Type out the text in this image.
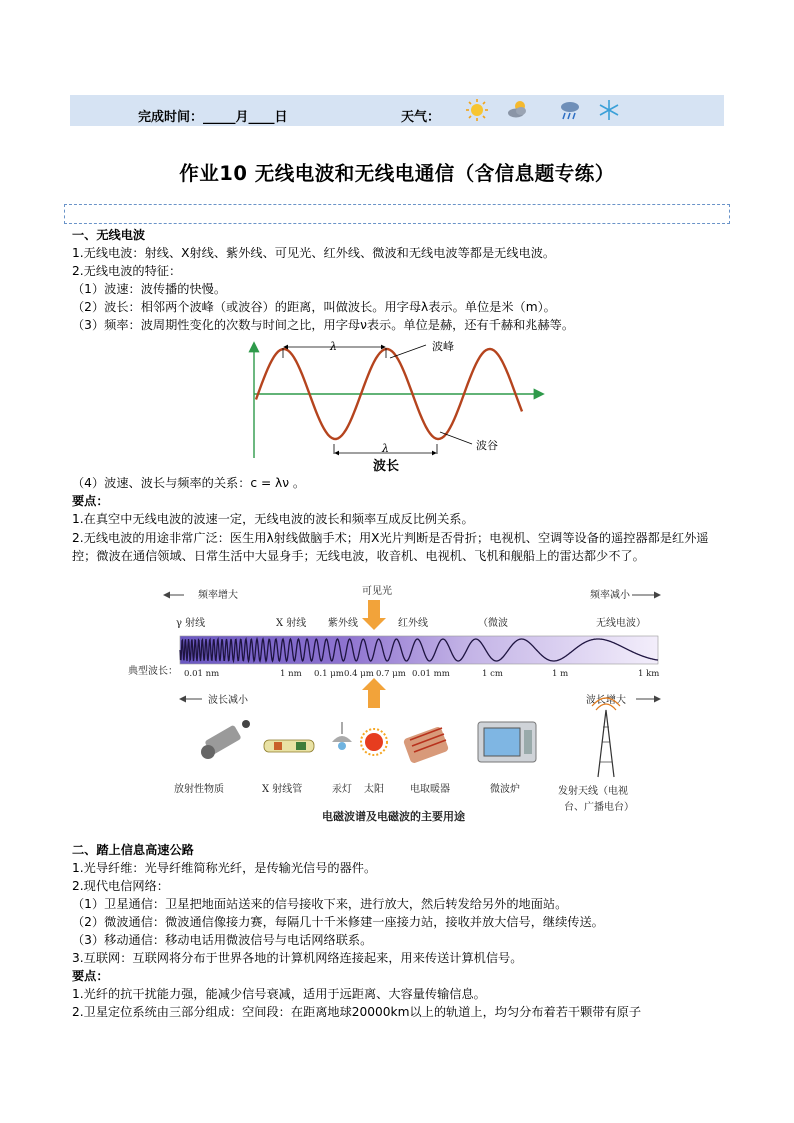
完成时间：_____月____日	天气：
作业10 无线电波和无线电通信（含信息题专练）
一、无线电波
1.无线电波：射线、X射线、紫外线、可见光、红外线、微波和无线电波等都是无线电波。
2.无线电波的特征：
（1）波速：波传播的快慢。
（2）波长：相邻两个波峰（或波谷）的距离，叫做波长。用字母λ表示。单位是米（m）。
（3）频率：波周期性变化的次数与时间之比，用字母ν表示。单位是赫，还有千赫和兆赫等。
λ
λ
波峰
波谷
波长
（4）波速、波长与频率的关系：c = λν 。
要点：
1.在真空中无线电波的波速一定，无线电波的波长和频率互成反比例关系。
2.无线电波的用途非常广泛：医生用λ射线做脑手术；用X光片判断是否骨折；电视机、空调等设备的遥控器都是红外遥控；微波在通信领域、日常生活中大显身手；无线电波，收音机、电视机、飞机和舰船上的雷达都少不了。
频率增大	可见光	频率减小
γ 射线	X 射线 紫外线	红外线	（微波	无线电波）
典型波长： 0.01 nm	1 nm 0.1 μm 0.4 μm 0.7 μm 0.01 mm	1 cm	1 m	1 km
波长减小	波长增大
放射性物质	X 射线管	汞灯 太阳	电取暖器	微波炉	发射天线（电视
台、广播电台）
电磁波谱及电磁波的主要用途
二、踏上信息高速公路
1.光导纤维：光导纤维简称光纤，是传输光信号的器件。
2.现代电信网络：
（1）卫星通信：卫星把地面站送来的信号接收下来，进行放大，然后转发给另外的地面站。
（2）微波通信：微波通信像接力赛，每隔几十千米修建一座接力站，接收并放大信号，继续传送。
（3）移动通信：移动电话用微波信号与电话网络联系。
3.互联网：互联网将分布于世界各地的计算机网络连接起来，用来传送计算机信号。
要点：
1.光纤的抗干扰能力强，能减少信号衰减，适用于远距离、大容量传输信息。
2.卫星定位系统由三部分组成：空间段：在距离地球20000km以上的轨道上，均匀分布着若干颗带有原子
